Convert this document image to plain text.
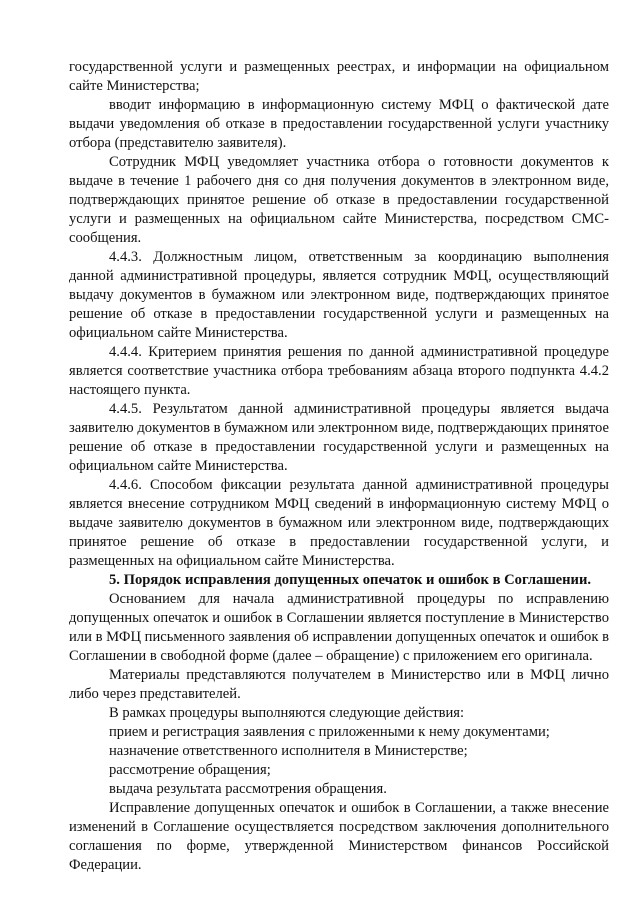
государственной услуги и размещенных реестрах, и информации на официальном сайте Министерства;

вводит информацию в информационную систему МФЦ о фактической дате выдачи уведомления об отказе в предоставлении государственной услуги участнику отбора (представителю заявителя).

Сотрудник МФЦ уведомляет участника отбора о готовности документов к выдаче в течение 1 рабочего дня со дня получения документов в электронном виде, подтверждающих принятое решение об отказе в предоставлении государственной услуги и размещенных на официальном сайте Министерства, посредством СМС-сообщения.

4.4.3. Должностным лицом, ответственным за координацию выполнения данной административной процедуры, является сотрудник МФЦ, осуществляющий выдачу документов в бумажном или электронном виде, подтверждающих принятое решение об отказе в предоставлении государственной услуги и размещенных на официальном сайте Министерства.

4.4.4. Критерием принятия решения по данной административной процедуре является соответствие участника отбора требованиям абзаца второго подпункта 4.4.2 настоящего пункта.

4.4.5. Результатом данной административной процедуры является выдача заявителю документов в бумажном или электронном виде, подтверждающих принятое решение об отказе в предоставлении государственной услуги и размещенных на официальном сайте Министерства.

4.4.6. Способом фиксации результата данной административной процедуры является внесение сотрудником МФЦ сведений в информационную систему МФЦ о выдаче заявителю документов в бумажном или электронном виде, подтверждающих принятое решение об отказе в предоставлении государственной услуги, и размещенных на официальном сайте Министерства.

5. Порядок исправления допущенных опечаток и ошибок в Соглашении.

Основанием для начала административной процедуры по исправлению допущенных опечаток и ошибок в Соглашении является поступление в Министерство или в МФЦ письменного заявления об исправлении допущенных опечаток и ошибок в Соглашении в свободной форме (далее – обращение) с приложением его оригинала.

Материалы представляются получателем в Министерство или в МФЦ лично либо через представителей.

В рамках процедуры выполняются следующие действия:

прием и регистрация заявления с приложенными к нему документами;

назначение ответственного исполнителя в Министерстве;

рассмотрение обращения;

выдача результата рассмотрения обращения.

Исправление допущенных опечаток и ошибок в Соглашении, а также внесение изменений в Соглашение осуществляется посредством заключения дополнительного соглашения по форме, утвержденной Министерством финансов Российской Федерации.
